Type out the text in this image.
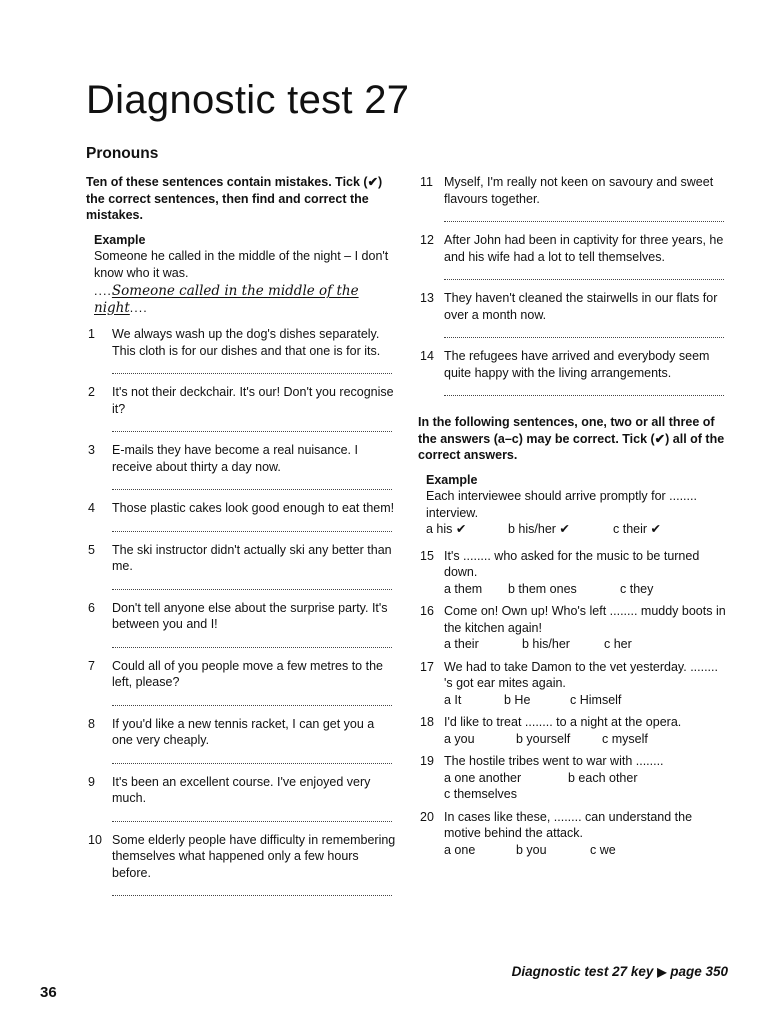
Diagnostic test 27
Pronouns
Ten of these sentences contain mistakes. Tick (✔) the correct sentences, then find and correct the mistakes.
Example
Someone he called in the middle of the night – I don't know who it was.
....Someone called in the middle of the night....
1 We always wash up the dog's dishes separately. This cloth is for our dishes and that one is for its.
2 It's not their deckchair. It's our! Don't you recognise it?
3 E-mails they have become a real nuisance. I receive about thirty a day now.
4 Those plastic cakes look good enough to eat them!
5 The ski instructor didn't actually ski any better than me.
6 Don't tell anyone else about the surprise party. It's between you and I!
7 Could all of you people move a few metres to the left, please?
8 If you'd like a new tennis racket, I can get you a one very cheaply.
9 It's been an excellent course. I've enjoyed very much.
10 Some elderly people have difficulty in remembering themselves what happened only a few hours before.
11 Myself, I'm really not keen on savoury and sweet flavours together.
12 After John had been in captivity for three years, he and his wife had a lot to tell themselves.
13 They haven't cleaned the stairwells in our flats for over a month now.
14 The refugees have arrived and everybody seem quite happy with the living arrangements.
In the following sentences, one, two or all three of the answers (a–c) may be correct. Tick (✔) all of the correct answers.
Example
Each interviewee should arrive promptly for ........ interview.
a his ✔	b his/her ✔	c their ✔
15 It's ........ who asked for the music to be turned down.
a them b them ones	c they
16 Come on! Own up! Who's left ........ muddy boots in the kitchen again!
a their	b his/her	c her
17 We had to take Damon to the vet yesterday. ........ 's got ear mites again.
a It	b He	c Himself
18 I'd like to treat ........ to a night at the opera.
a you	b yourself	c myself
19 The hostile tribes went to war with ........
a one another	b each other
c themselves
20 In cases like these, ........ can understand the motive behind the attack.
a one	b you	c we
Diagnostic test 27 key ▶ page 350
36
